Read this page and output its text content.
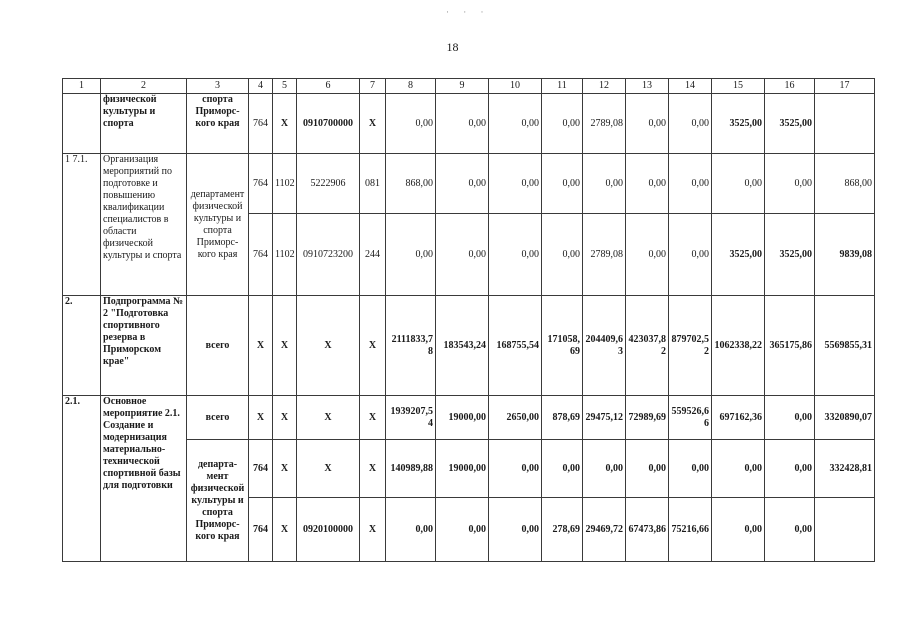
· · ·
18
1	2	3	4	5	6	7	8	9	10	11	12	13	14	15	16	17
	физической культуры и спорта	спорта Приморс-кого края	764	X	0910700000	X	0,00	0,00	0,00	0,00	2789,08	0,00	0,00	3525,00	3525,00	
1 7.1.	Организация мероприятий по подготовке и повышению квалификации специалистов в области физической культуры и спорта	департамент физической культуры и спорта Приморс-кого края	764	1102	5222906	081	868,00	0,00	0,00	0,00	0,00	0,00	0,00	0,00	0,00	868,00
			764	1102	0910723200	244	0,00	0,00	0,00	0,00	2789,08	0,00	0,00	3525,00	3525,00	9839,08
2.	Подпрограмма № 2 "Подготовка спортивного резерва в Приморском крае"	всего	X	X	X	X	2111833,78	183543,24	168755,54	171058,69	204409,63	423037,82	879702,52	1062338,22	365175,86	5569855,31
2.1.	Основное мероприятие 2.1. Создание и модернизация материально-технической спортивной базы для подготовки	всего	X	X	X	X	1939207,54	19000,00	2650,00	878,69	29475,12	72989,69	559526,66	697162,36	0,00	3320890,07
		департа-мент физической культуры и спорта Приморс-кого края	764	X	X	X	140989,88	19000,00	0,00	0,00	0,00	0,00	0,00	0,00	0,00	332428,81
			764	X	0920100000	X	0,00	0,00	0,00	278,69	29469,72	67473,86	75216,66	0,00	0,00	
